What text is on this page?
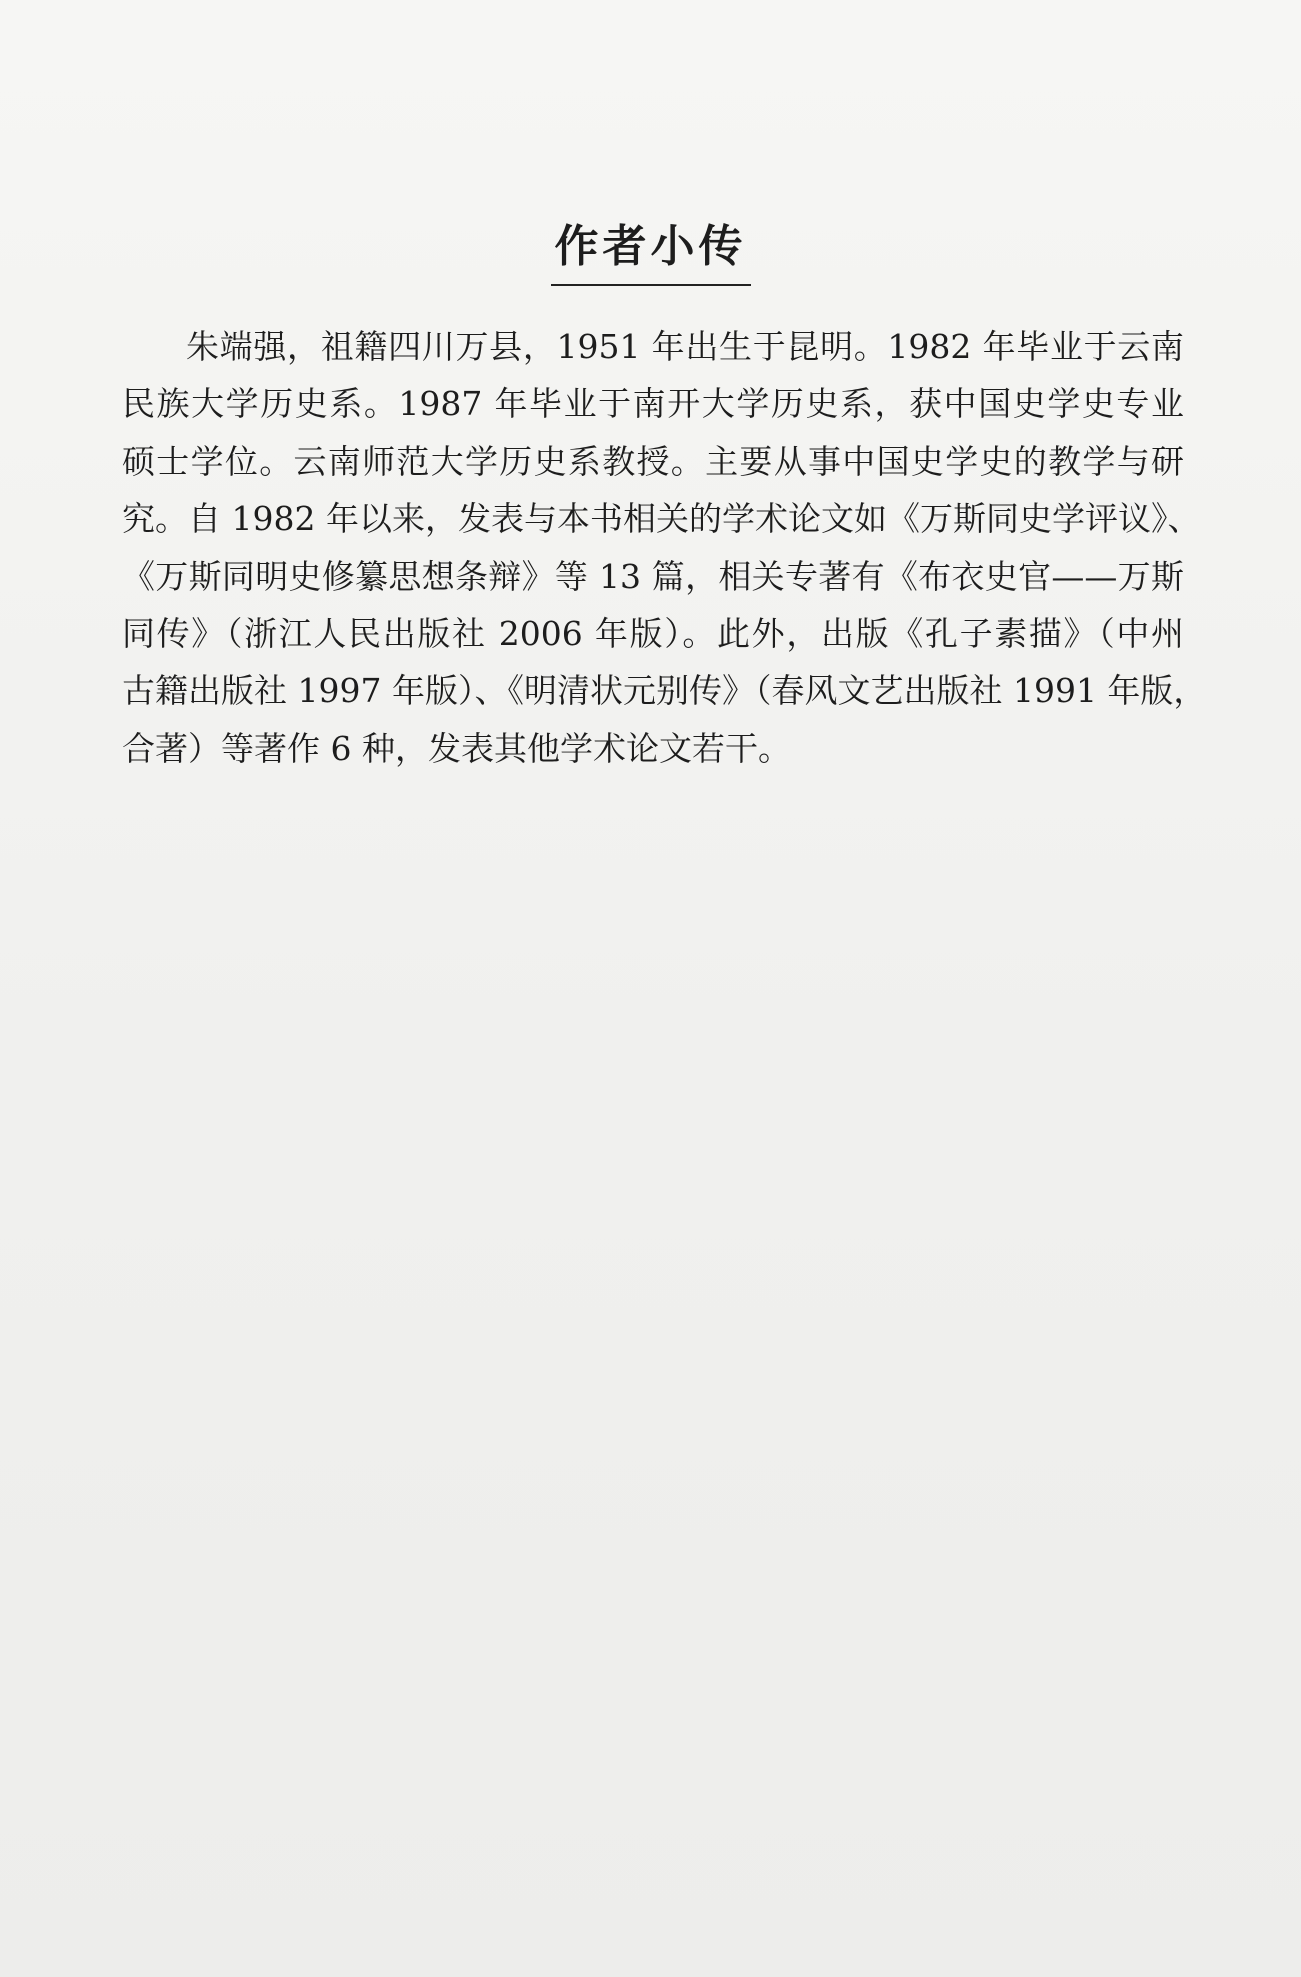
作者小传
朱端强，祖籍四川万县，1951 年出生于昆明。1982 年毕业于云南
民族大学历史系。1987 年毕业于南开大学历史系，获中国史学史专业
硕士学位。云南师范大学历史系教授。主要从事中国史学史的教学与研
究。自 1982 年以来，发表与本书相关的学术论文如《万斯同史学评议》、
《万斯同明史修纂思想条辩》等 13 篇，相关专著有《布衣史官——万斯
同传》（浙江人民出版社 2006 年版）。此外，出版《孔子素描》（中州
古籍出版社 1997 年版）、《明清状元别传》（春风文艺出版社 1991 年版，
合著）等著作 6 种，发表其他学术论文若干。
